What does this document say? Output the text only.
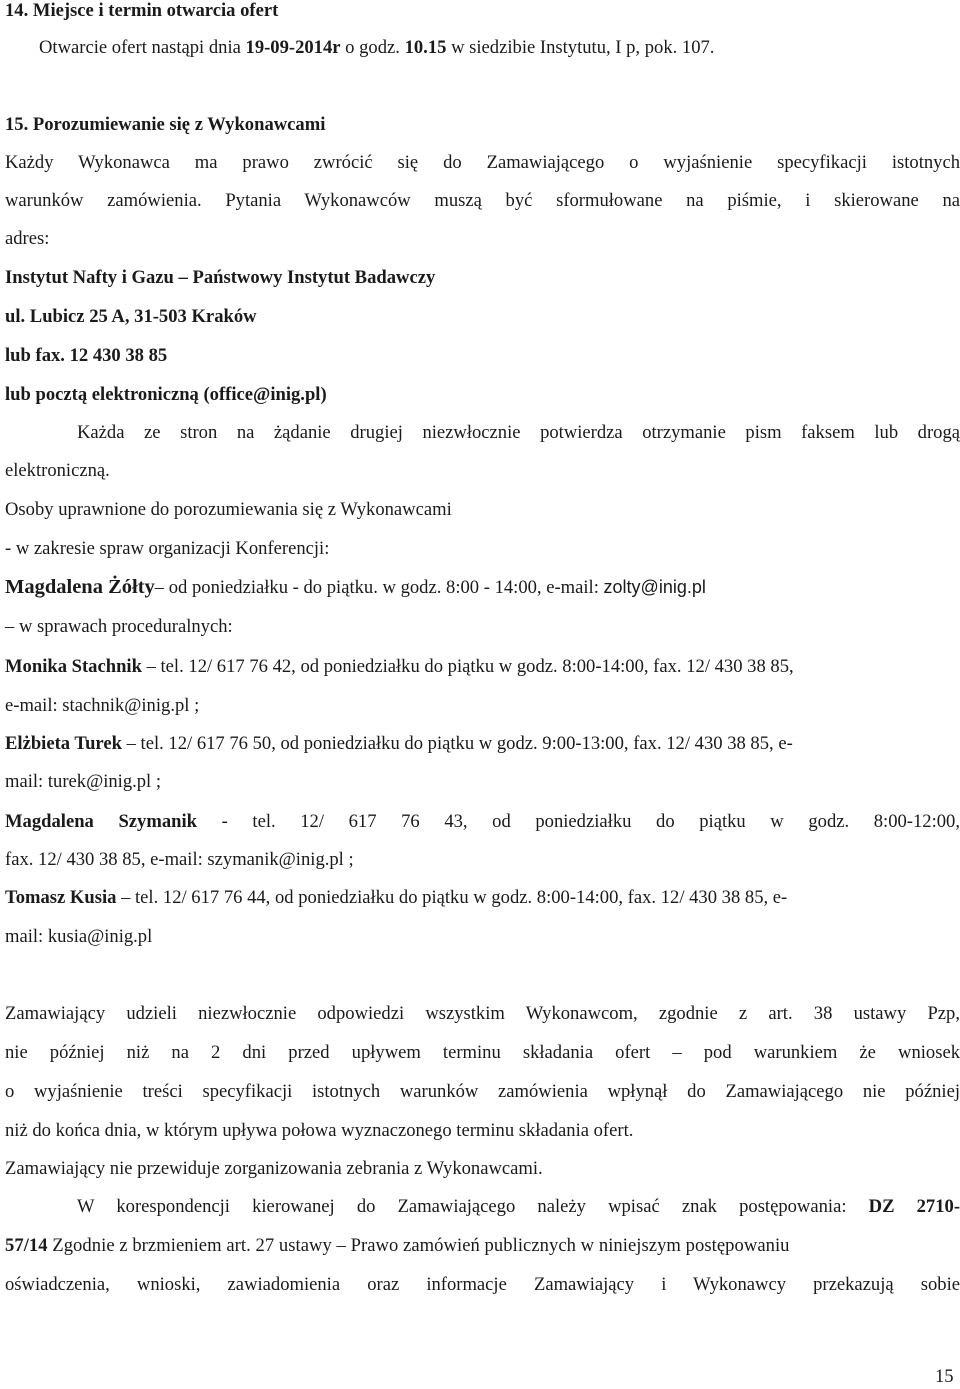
14. Miejsce i termin otwarcia ofert
Otwarcie ofert nastąpi dnia 19-09-2014r o godz. 10.15 w siedzibie Instytutu, I p, pok. 107.
15. Porozumiewanie się z Wykonawcami
Każdy Wykonawca ma prawo zwrócić się do Zamawiającego o wyjaśnienie specyfikacji istotnych
warunków zamówienia. Pytania Wykonawców muszą być sformułowane na piśmie, i skierowane na
adres:
Instytut Nafty i Gazu – Państwowy Instytut Badawczy
ul. Lubicz 25 A, 31-503 Kraków
lub fax. 12 430 38 85
lub pocztą elektroniczną (office@inig.pl)
Każda ze stron na żądanie drugiej niezwłocznie potwierdza otrzymanie pism faksem lub drogą
elektroniczną.
Osoby uprawnione do porozumiewania się z Wykonawcami
- w zakresie spraw organizacji Konferencji:
Magdalena Żółty– od poniedziałku - do piątku. w godz. 8:00 - 14:00, e-mail: zolty@inig.pl
– w sprawach proceduralnych:
Monika Stachnik – tel. 12/ 617 76 42, od poniedziałku do piątku w godz. 8:00-14:00, fax. 12/ 430 38 85,
e-mail: stachnik@inig.pl ;
Elżbieta Turek – tel. 12/ 617 76 50, od poniedziałku do piątku w godz. 9:00-13:00, fax. 12/ 430 38 85, e-
mail: turek@inig.pl ;
Magdalena Szymanik - tel. 12/ 617 76 43, od poniedziałku do piątku w godz. 8:00-12:00,
fax. 12/ 430 38 85, e-mail: szymanik@inig.pl ;
Tomasz Kusia – tel. 12/ 617 76 44, od poniedziałku do piątku w godz. 8:00-14:00, fax. 12/ 430 38 85, e-
mail: kusia@inig.pl
Zamawiający udzieli niezwłocznie odpowiedzi wszystkim Wykonawcom, zgodnie z art. 38 ustawy Pzp,
nie później niż na 2 dni przed upływem terminu składania ofert – pod warunkiem że wniosek
o wyjaśnienie treści specyfikacji istotnych warunków zamówienia wpłynął do Zamawiającego nie później
niż do końca dnia, w którym upływa połowa wyznaczonego terminu składania ofert.
Zamawiający nie przewiduje zorganizowania zebrania z Wykonawcami.
W korespondencji kierowanej do Zamawiającego należy wpisać znak postępowania: DZ 2710-
57/14 Zgodnie z brzmieniem art. 27 ustawy – Prawo zamówień publicznych w niniejszym postępowaniu
oświadczenia, wnioski, zawiadomienia oraz informacje Zamawiający i Wykonawcy przekazują sobie
15
